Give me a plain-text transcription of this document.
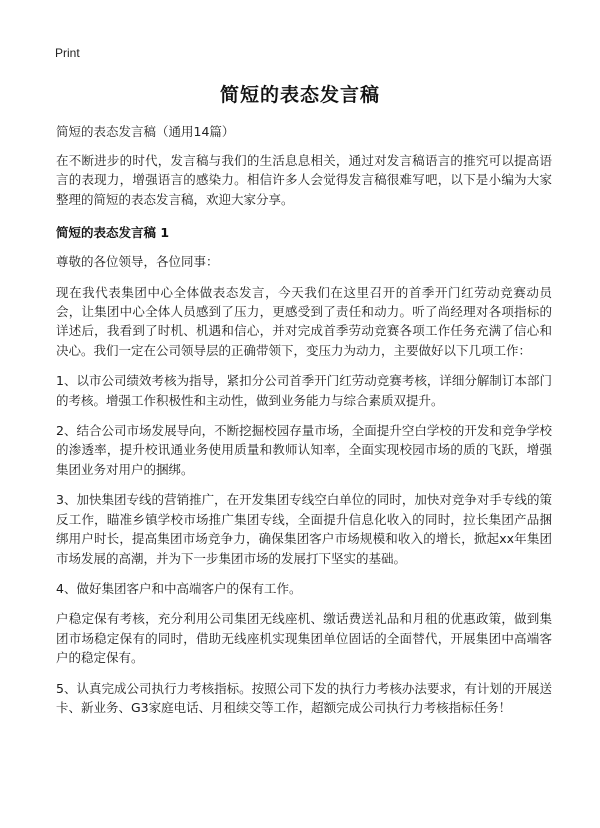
Print
简短的表态发言稿
简短的表态发言稿（通用14篇）

在不断进步的时代，发言稿与我们的生活息息相关，通过对发言稿语言的推究可以提高语言的表现力，增强语言的感染力。相信许多人会觉得发言稿很难写吧，以下是小编为大家整理的简短的表态发言稿，欢迎大家分享。

简短的表态发言稿 1

尊敬的各位领导，各位同事：

现在我代表集团中心全体做表态发言，今天我们在这里召开的首季开门红劳动竞赛动员会，让集团中心全体人员感到了压力，更感受到了责任和动力。听了尚经理对各项指标的详述后，我看到了时机、机遇和信心，并对完成首季劳动竞赛各项工作任务充满了信心和决心。我们一定在公司领导层的正确带领下，变压力为动力，主要做好以下几项工作：

1、以市公司绩效考核为指导，紧扣分公司首季开门红劳动竞赛考核，详细分解制订本部门的考核。增强工作积极性和主动性，做到业务能力与综合素质双提升。

2、结合公司市场发展导向，不断挖掘校园存量市场，全面提升空白学校的开发和竞争学校的渗透率，提升校讯通业务使用质量和教师认知率，全面实现校园市场的质的飞跃，增强集团业务对用户的捆绑。

3、加快集团专线的营销推广，在开发集团专线空白单位的同时，加快对竞争对手专线的策反工作，瞄准乡镇学校市场推广集团专线，全面提升信息化收入的同时，拉长集团产品捆绑用户时长，提高集团市场竞争力，确保集团客户市场规模和收入的增长，掀起xx年集团市场发展的高潮，并为下一步集团市场的发展打下坚实的基础。

4、做好集团客户和中高端客户的保有工作。

户稳定保有考核，充分利用公司集团无线座机、缴话费送礼品和月租的优惠政策，做到集团市场稳定保有的同时，借助无线座机实现集团单位固话的全面替代，开展集团中高端客户的稳定保有。

5、认真完成公司执行力考核指标。按照公司下发的执行力考核办法要求，有计划的开展送卡、新业务、G3家庭电话、月租续交等工作，超额完成公司执行力考核指标任务！
